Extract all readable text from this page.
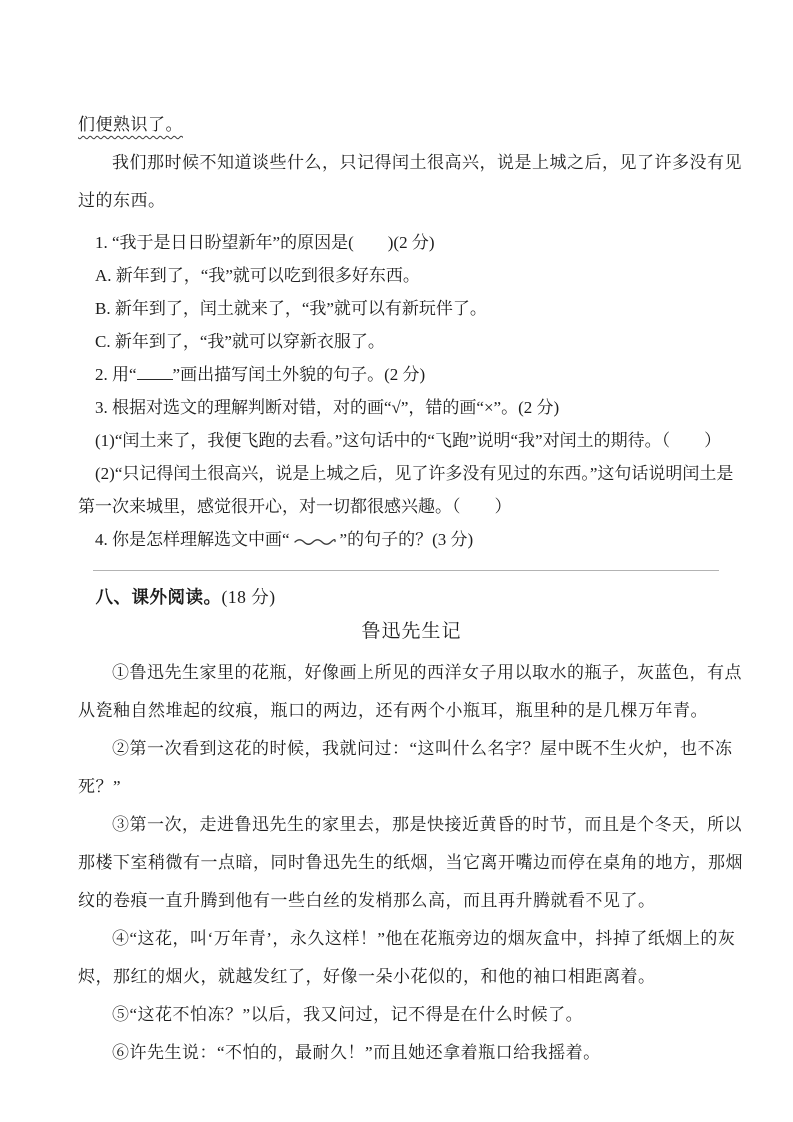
们便熟识了。

我们那时候不知道谈些什么，只记得闰土很高兴，说是上城之后，见了许多没有见过的东西。

1. “我于是日日盼望新年”的原因是(　　)(2 分)

A. 新年到了，“我”就可以吃到很多好东西。

B. 新年到了，闰土就来了，“我”就可以有新玩伴了。

C. 新年到了，“我”就可以穿新衣服了。

2. 用“ ”画出描写闰土外貌的句子。(2 分)

3. 根据对选文的理解判断对错，对的画“√”，错的画“×”。(2 分)

(1)“闰土来了，我便飞跑的去看。”这句话中的“飞跑”说明“我”对闰土的期待。（　　）

(2)“只记得闰土很高兴，说是上城之后，见了许多没有见过的东西。”这句话说明闰土是第一次来城里，感觉很开心，对一切都很感兴趣。（　　）

4. 你是怎样理解选文中画“	”的句子的？(3 分)

八、课外阅读。(18 分)

鲁迅先生记

①鲁迅先生家里的花瓶，好像画上所见的西洋女子用以取水的瓶子，灰蓝色，有点从瓷釉自然堆起的纹痕，瓶口的两边，还有两个小瓶耳，瓶里种的是几棵万年青。

②第一次看到这花的时候，我就问过：“这叫什么名字？屋中既不生火炉，也不冻死？”

③第一次，走进鲁迅先生的家里去，那是快接近黄昏的时节，而且是个冬天，所以那楼下室稍微有一点暗，同时鲁迅先生的纸烟，当它离开嘴边而停在桌角的地方，那烟纹的卷痕一直升腾到他有一些白丝的发梢那么高，而且再升腾就看不见了。

④“这花，叫‘万年青’，永久这样！”他在花瓶旁边的烟灰盒中，抖掉了纸烟上的灰烬，那红的烟火，就越发红了，好像一朵小花似的，和他的袖口相距离着。

⑤“这花不怕冻？”以后，我又问过，记不得是在什么时候了。

⑥许先生说：“不怕的，最耐久！”而且她还拿着瓶口给我摇着。
